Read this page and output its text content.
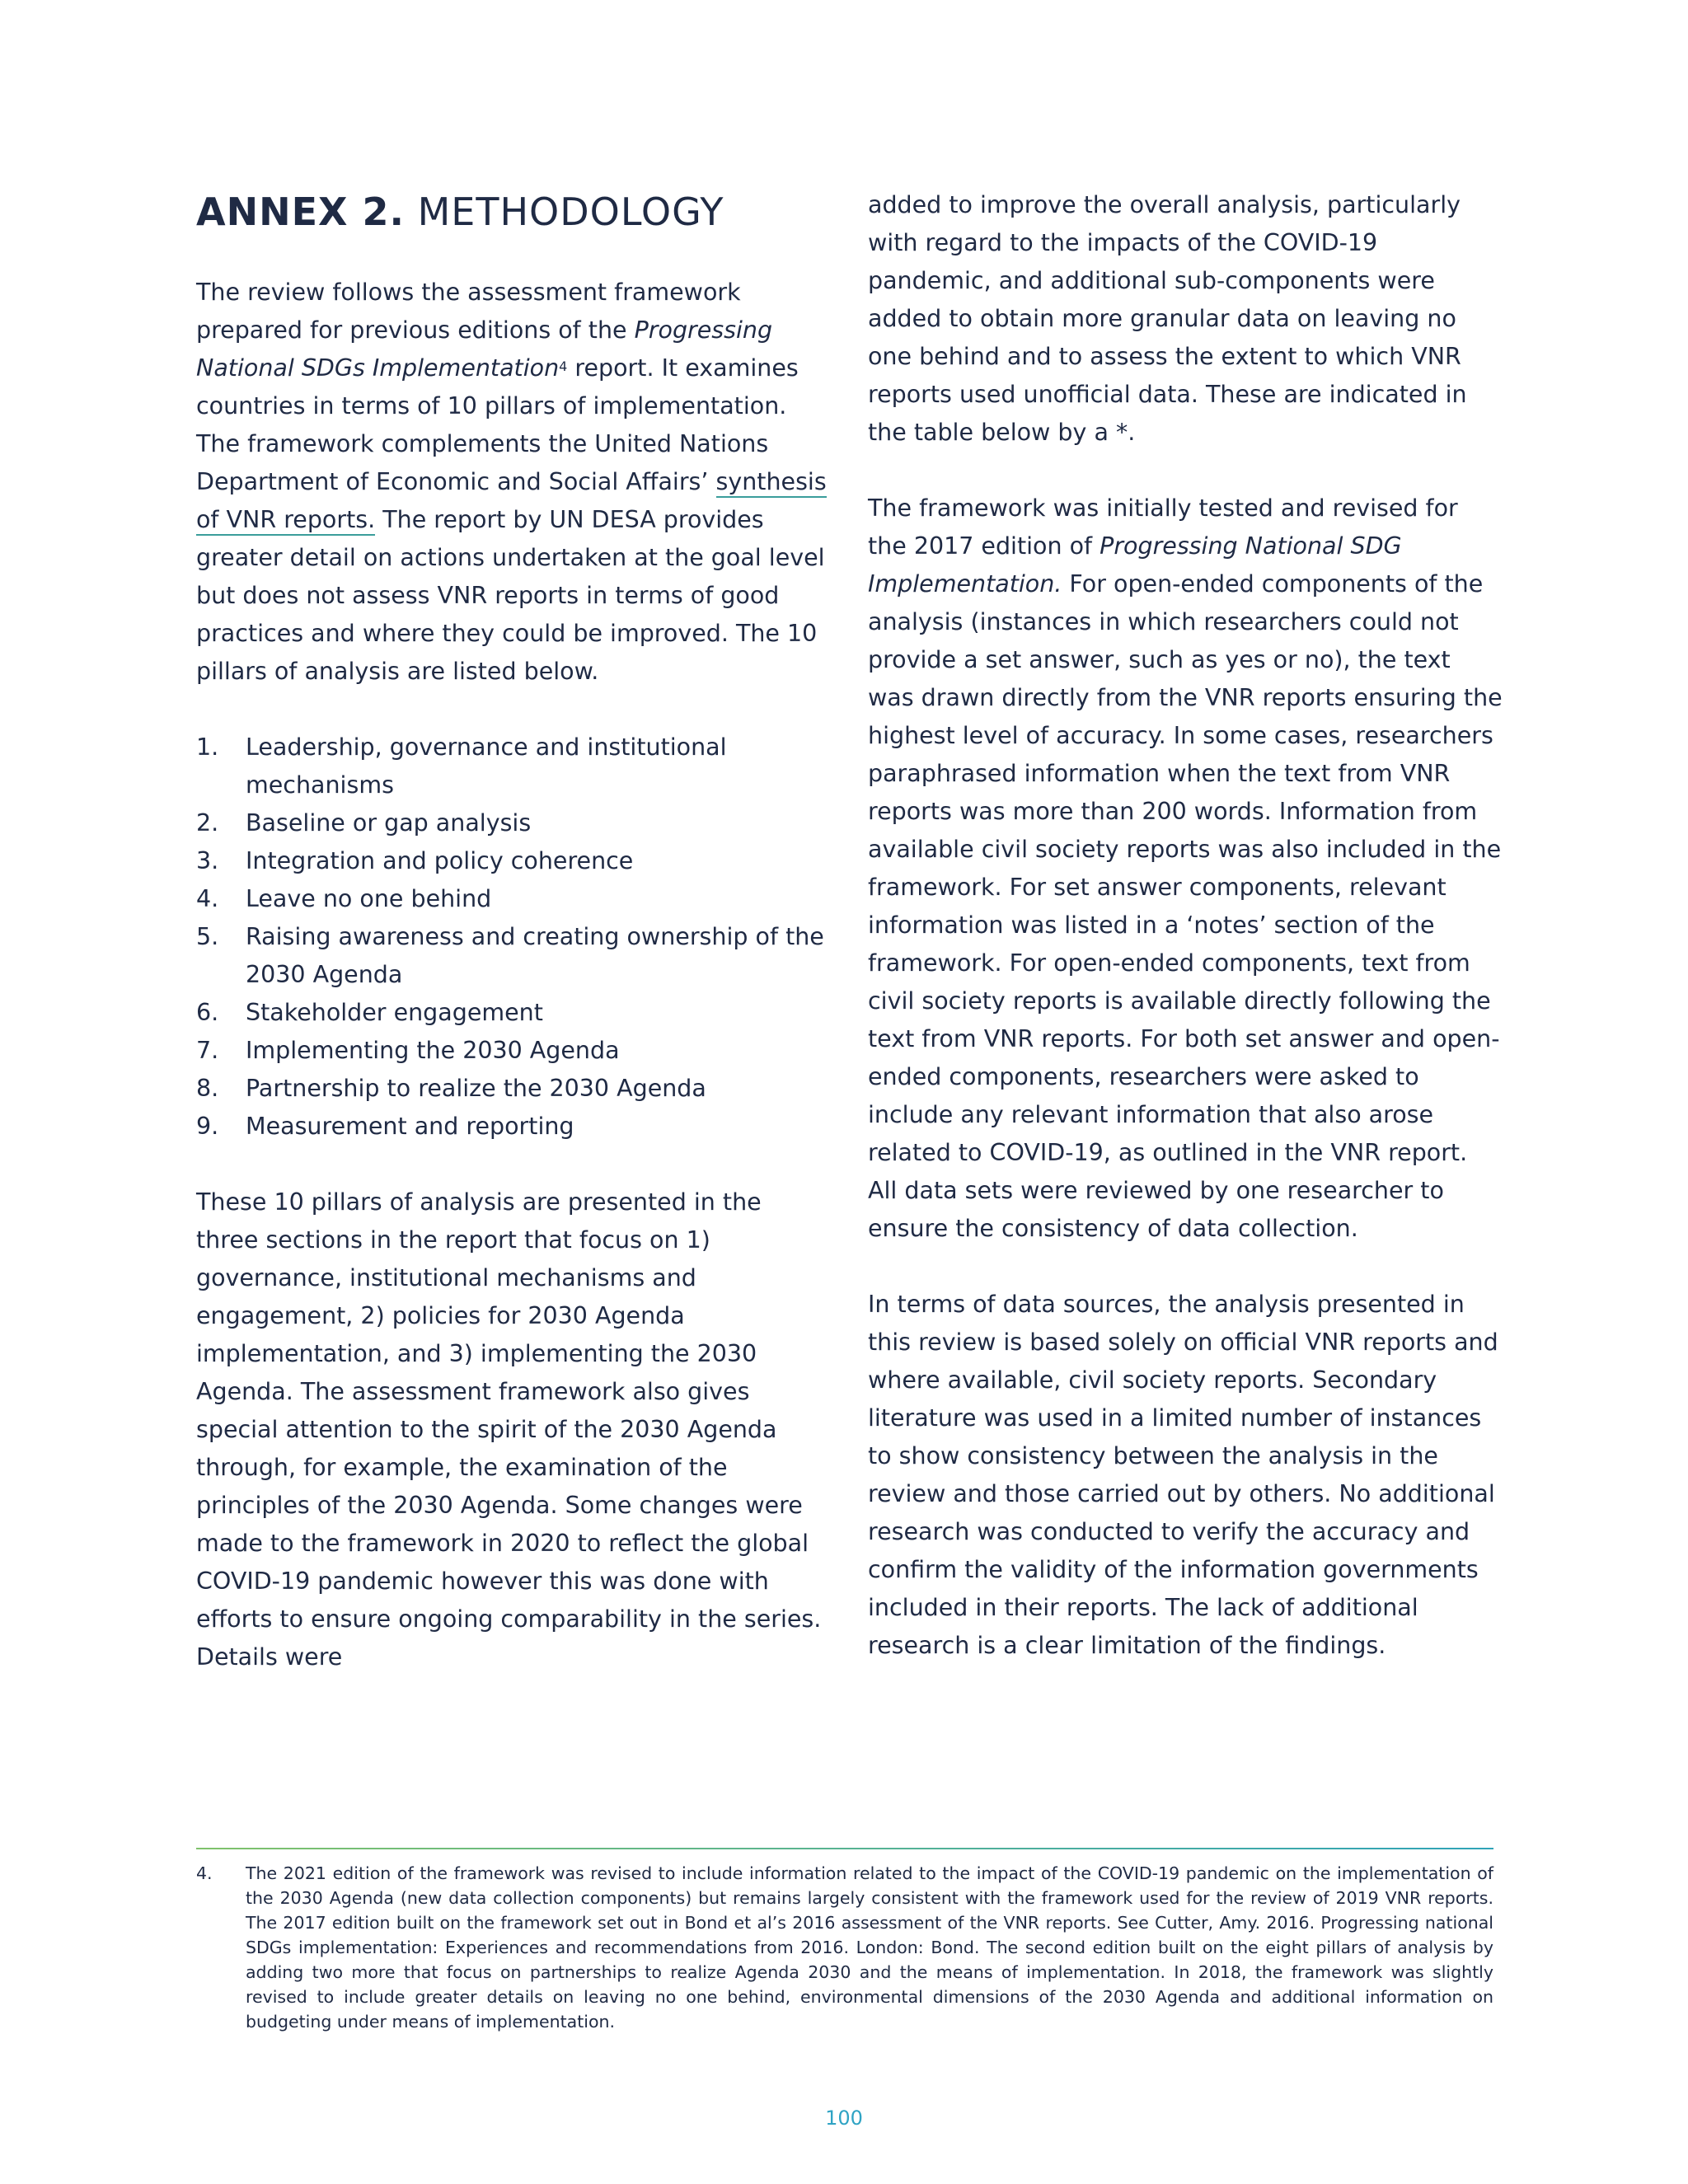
ANNEX 2. METHODOLOGY

The review follows the assessment framework prepared for previous editions of the Progressing National SDGs Implementation$^4$ report. It examines countries in terms of 10 pillars of implementation. The framework complements the United Nations Department of Economic and Social Affairs’ synthesis of VNR reports. The report by UN DESA provides greater detail on actions undertaken at the goal level but does not assess VNR reports in terms of good practices and where they could be improved. The 10 pillars of analysis are listed below.

1. Leadership, governance and institutional mechanisms
2. Baseline or gap analysis
3. Integration and policy coherence
4. Leave no one behind
5. Raising awareness and creating ownership of the 2030 Agenda
6. Stakeholder engagement
7. Implementing the 2030 Agenda
8. Partnership to realize the 2030 Agenda
9. Measurement and reporting

These 10 pillars of analysis are presented in the three sections in the report that focus on 1) governance, institutional mechanisms and engagement, 2) policies for 2030 Agenda implementation, and 3) implementing the 2030 Agenda. The assessment framework also gives special attention to the spirit of the 2030 Agenda through, for example, the examination of the principles of the 2030 Agenda. Some changes were made to the framework in 2020 to reflect the global COVID-19 pandemic however this was done with efforts to ensure ongoing comparability in the series. Details were

added to improve the overall analysis, particularly with regard to the impacts of the COVID-19 pandemic, and additional sub-components were added to obtain more granular data on leaving no one behind and to assess the extent to which VNR reports used unofficial data. These are indicated in the table below by a *.

The framework was initially tested and revised for the 2017 edition of Progressing National SDG Implementation. For open-ended components of the analysis (instances in which researchers could not provide a set answer, such as yes or no), the text was drawn directly from the VNR reports ensuring the highest level of accuracy. In some cases, researchers paraphrased information when the text from VNR reports was more than 200 words. Information from available civil society reports was also included in the framework. For set answer components, relevant information was listed in a ‘notes’ section of the framework. For open-ended components, text from civil society reports is available directly following the text from VNR reports. For both set answer and open-ended components, researchers were asked to include any relevant information that also arose related to COVID-19, as outlined in the VNR report. All data sets were reviewed by one researcher to ensure the consistency of data collection.

In terms of data sources, the analysis presented in this review is based solely on official VNR reports and where available, civil society reports. Secondary literature was used in a limited number of instances to show consistency between the analysis in the review and those carried out by others. No additional research was conducted to verify the accuracy and confirm the validity of the information governments included in their reports. The lack of additional research is a clear limitation of the findings.

4. The 2021 edition of the framework was revised to include information related to the impact of the COVID-19 pandemic on the implementation of the 2030 Agenda (new data collection components) but remains largely consistent with the framework used for the review of 2019 VNR reports. The 2017 edition built on the framework set out in Bond et al’s 2016 assessment of the VNR reports. See Cutter, Amy. 2016. Progressing national SDGs implementation: Experiences and recommendations from 2016. London: Bond. The second edition built on the eight pillars of analysis by adding two more that focus on partnerships to realize Agenda 2030 and the means of implementation. In 2018, the framework was slightly revised to include greater details on leaving no one behind, environmental dimensions of the 2030 Agenda and additional information on budgeting under means of implementation.
100
